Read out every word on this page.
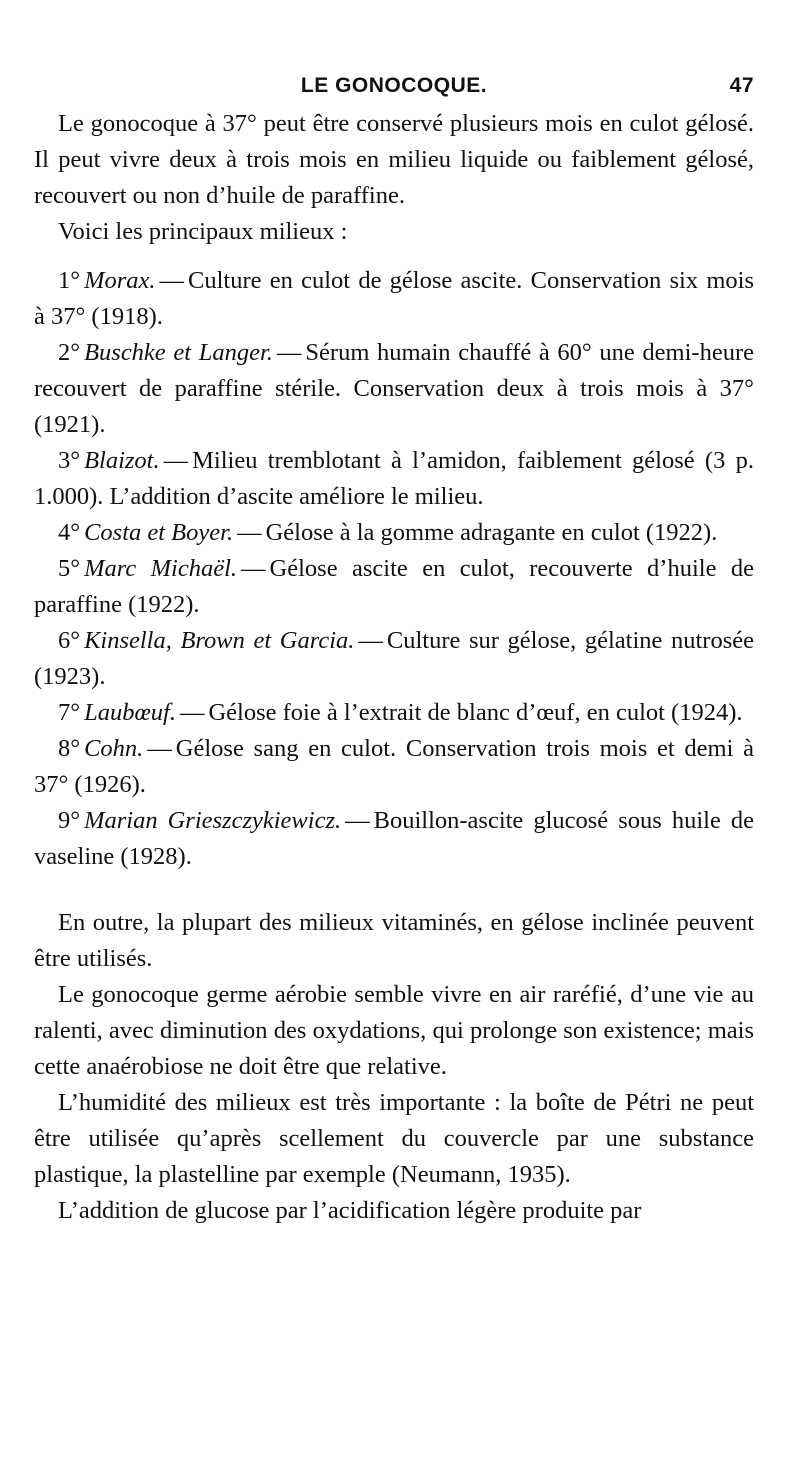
LE GONOCOQUE.	47

Le gonocoque à 37° peut être conservé plusieurs mois en culot gélosé. Il peut vivre deux à trois mois en milieu liquide ou faiblement gélosé, recouvert ou non d’huile de paraffine.

Voici les principaux milieux :

1° Morax. — Culture en culot de gélose ascite. Conservation six mois à 37° (1918).
2° Buschke et Langer. — Sérum humain chauffé à 60° une demi-heure recouvert de paraffine stérile. Conservation deux à trois mois à 37° (1921).
3° Blaizot. — Milieu tremblotant à l’amidon, faiblement gélosé (3 p. 1.000). L’addition d’ascite améliore le milieu.
4° Costa et Boyer. — Gélose à la gomme adragante en culot (1922).
5° Marc Michaël. — Gélose ascite en culot, recouverte d’huile de paraffine (1922).
6° Kinsella, Brown et Garcia. — Culture sur gélose, gélatine nutrosée (1923).
7° Laubœuf. — Gélose foie à l’extrait de blanc d’œuf, en culot (1924).
8° Cohn. — Gélose sang en culot. Conservation trois mois et demi à 37° (1926).
9° Marian Grieszczykiewicz. — Bouillon-ascite glucosé sous huile de vaseline (1928).

En outre, la plupart des milieux vitaminés, en gélose inclinée peuvent être utilisés.

Le gonocoque germe aérobie semble vivre en air raréfié, d’une vie au ralenti, avec diminution des oxydations, qui prolonge son existence; mais cette anaérobiose ne doit être que relative.

L’humidité des milieux est très importante : la boîte de Pétri ne peut être utilisée qu’après scellement du couvercle par une substance plastique, la plastelline par exemple (Neumann, 1935).

L’addition de glucose par l’acidification légère produite par
